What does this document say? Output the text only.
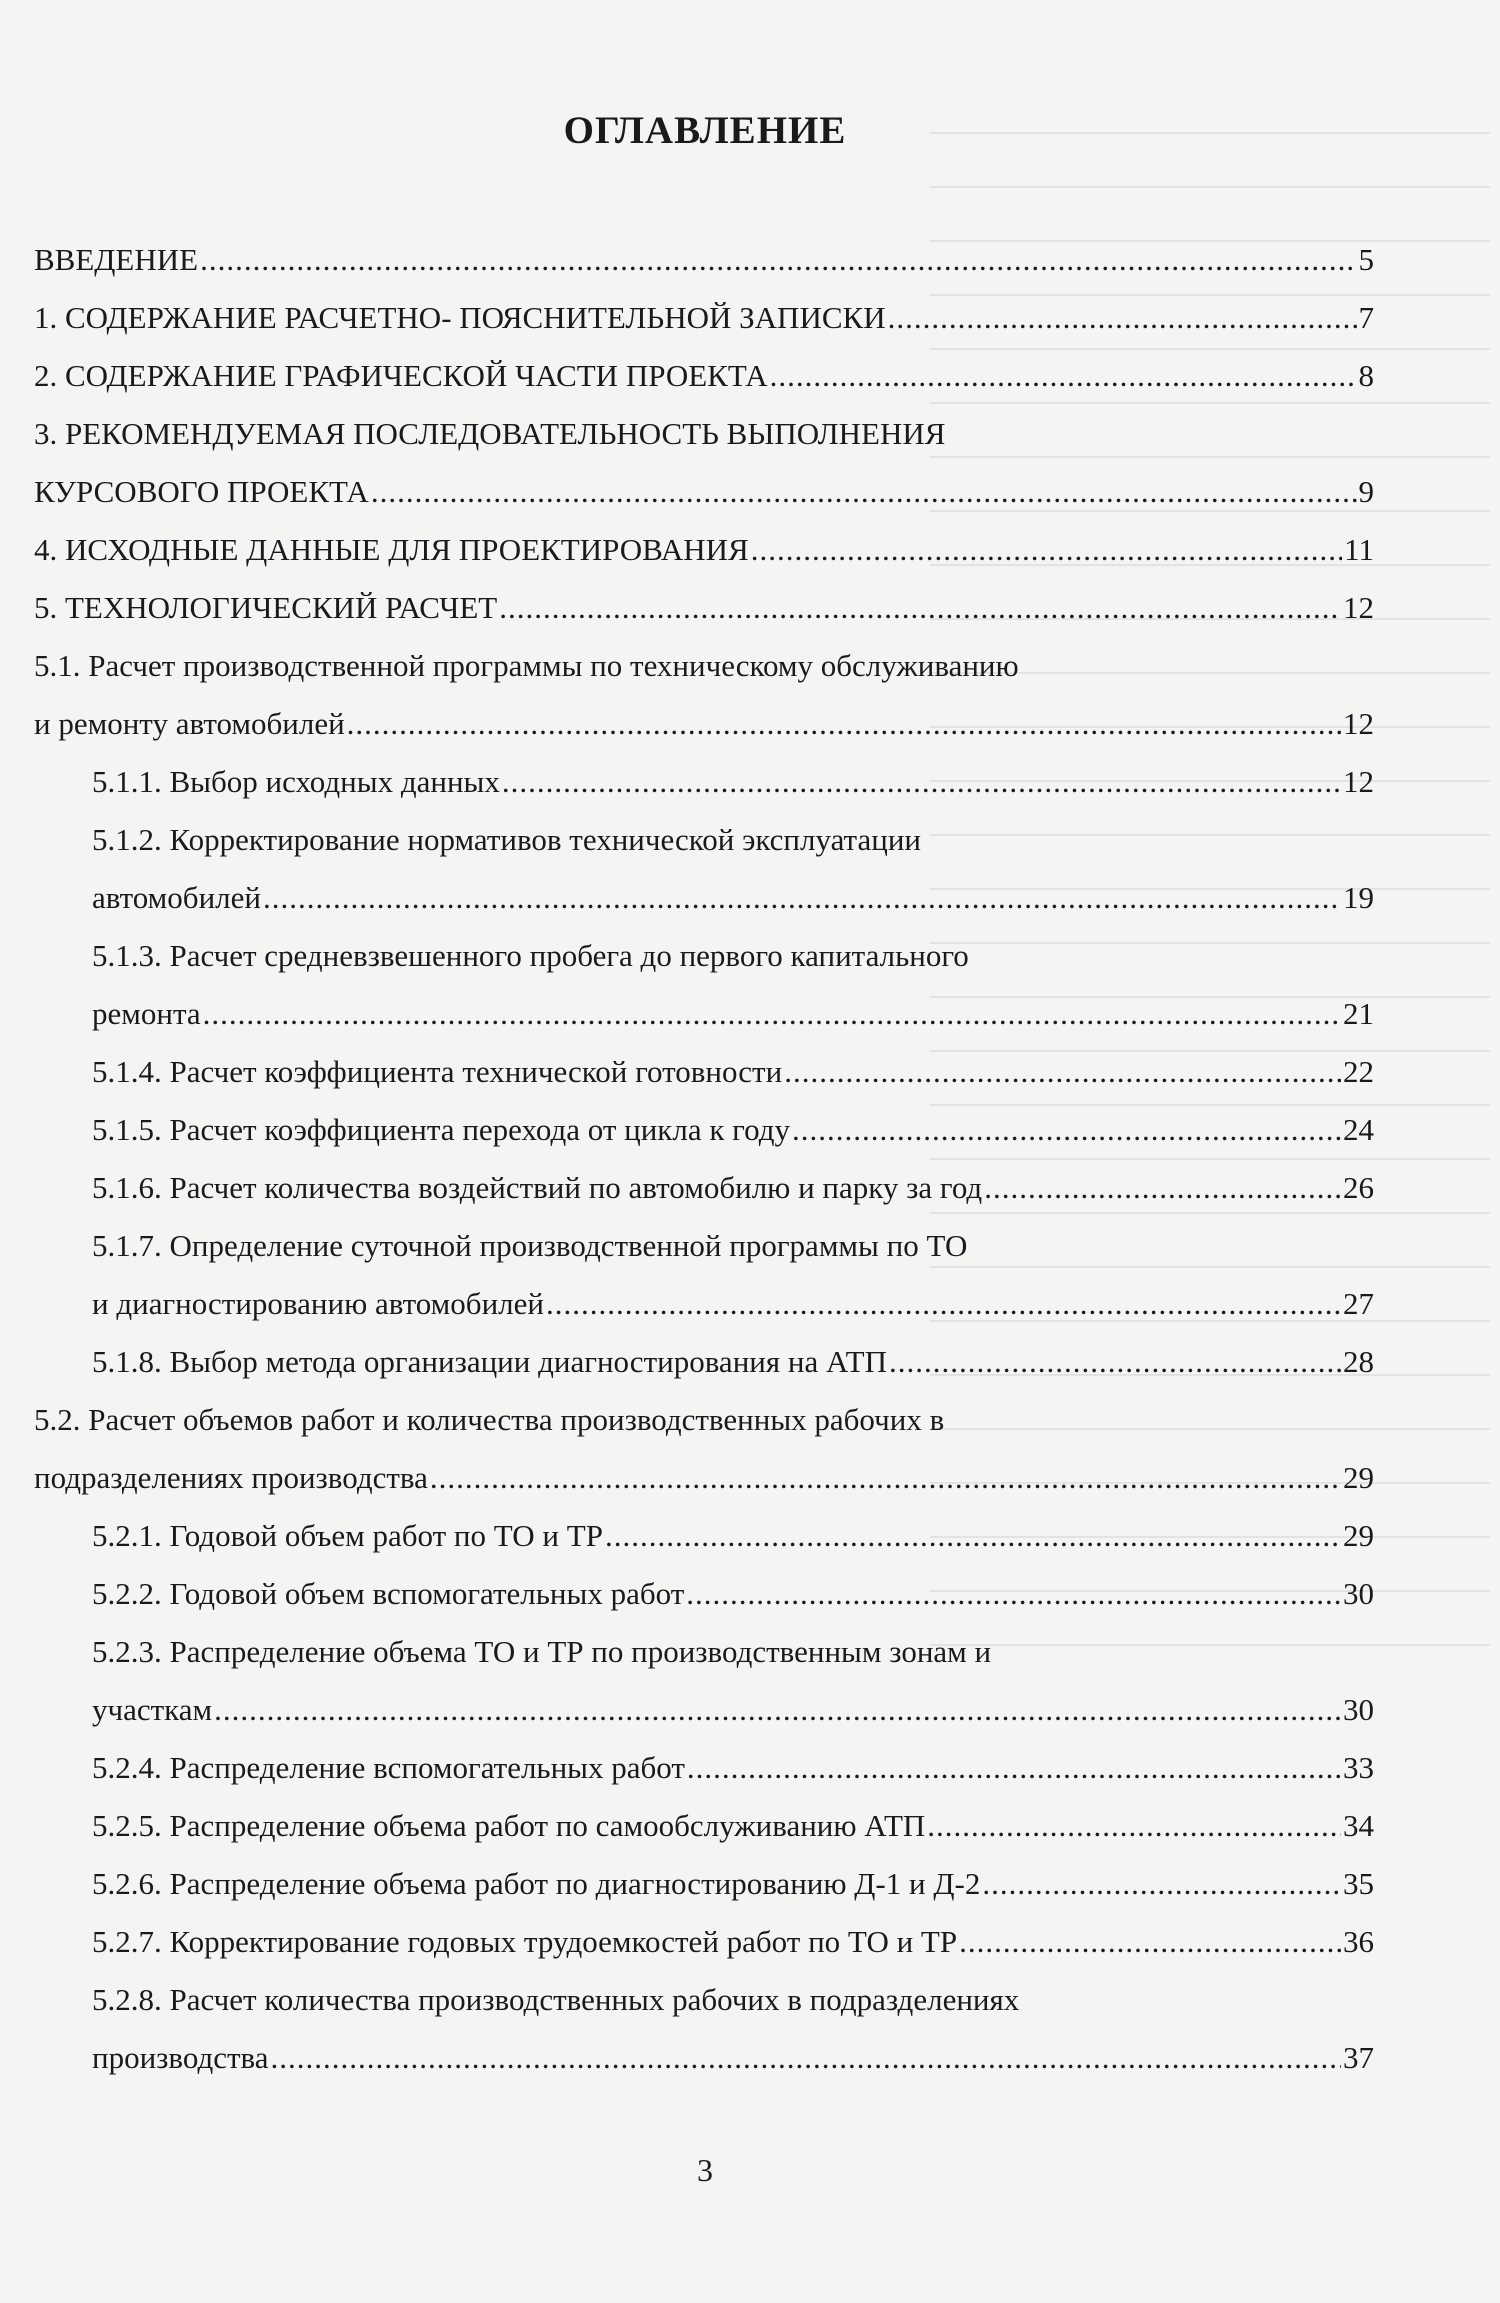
ОГЛАВЛЕНИЕ
ВВЕДЕНИЕ .....	5
1. СОДЕРЖАНИЕ РАСЧЕТНО- ПОЯСНИТЕЛЬНОЙ ЗАПИСКИ .....	7
2. СОДЕРЖАНИЕ ГРАФИЧЕСКОЙ ЧАСТИ ПРОЕКТА .....	8
3. РЕКОМЕНДУЕМАЯ ПОСЛЕДОВАТЕЛЬНОСТЬ ВЫПОЛНЕНИЯ
КУРСОВОГО ПРОЕКТА .....	9
4. ИСХОДНЫЕ ДАННЫЕ ДЛЯ ПРОЕКТИРОВАНИЯ .....	11
5. ТЕХНОЛОГИЧЕСКИЙ РАСЧЕТ .....	12
5.1. Расчет производственной программы по техническому обслуживанию
и ремонту автомобилей .....	12
5.1.1. Выбор исходных данных .....	12
5.1.2. Корректирование нормативов технической эксплуатации
автомобилей .....	19
5.1.3. Расчет средневзвешенного пробега до первого капитального
ремонта .....	21
5.1.4. Расчет коэффициента технической готовности .....	22
5.1.5. Расчет коэффициента перехода от цикла к году .....	24
5.1.6. Расчет количества воздействий по автомобилю и парку за год .....	26
5.1.7. Определение суточной производственной программы по ТО
и диагностированию автомобилей .....	27
5.1.8. Выбор метода организации диагностирования на АТП .....	28
5.2. Расчет объемов работ и количества производственных рабочих в
подразделениях производства .....	29
5.2.1. Годовой объем работ по ТО и ТР .....	29
5.2.2. Годовой объем вспомогательных работ .....	30
5.2.3. Распределение объема ТО и ТР по производственным зонам и
участкам .....	30
5.2.4. Распределение вспомогательных работ .....	33
5.2.5. Распределение объема работ по самообслуживанию АТП .....	34
5.2.6. Распределение объема работ по диагностированию Д-1 и Д-2 .....	35
5.2.7. Корректирование годовых трудоемкостей работ по ТО и ТР .....	36
5.2.8. Расчет количества производственных рабочих в подразделениях
производства .....	37
3
